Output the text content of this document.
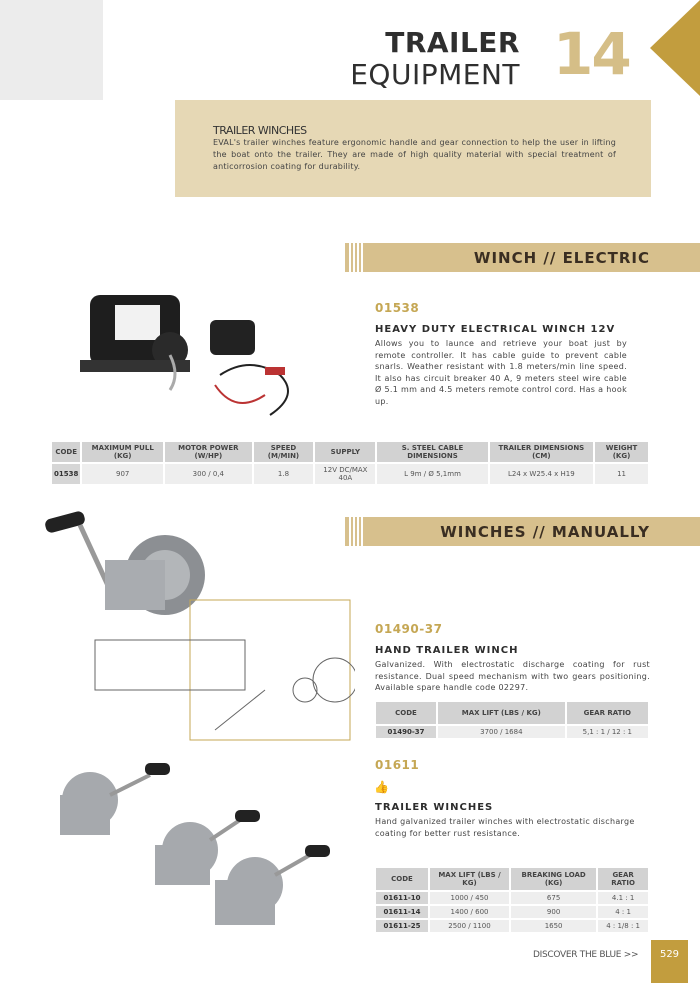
TRAILER
EQUIPMENT 14
TRAILER WINCHES

EVAL's trailer winches feature ergonomic handle and gear connection to help the user in lifting the boat onto the trailer. They are made of high quality material with special treatment of anticorrosion coating for durability.

WINCH // ELECTRIC
01538
HEAVY DUTY ELECTRICAL WINCH 12V
Allows you to launce and retrieve your boat just by remote controller. It has cable guide to prevent cable snarls. Weather resistant with 1.8 meters/min line speed. It also has circuit breaker 40 A, 9 meters steel wire cable Ø 5.1 mm and 4.5 meters remote control cord. Has a hook up.
CODE	MAXIMUM PULL (KG)	MOTOR POWER (W/HP)	SPEED (M/MIN)	SUPPLY	S. STEEL CABLE DIMENSIONS	TRAILER DIMENSIONS (CM)	WEIGHT (KG)
01538	907	300 / 0,4	1.8	12V DC/MAX 40A	L 9m / Ø 5,1mm	L24 x W25.4 x H19	11
WINCHES // MANUALLY
01490-37
HAND TRAILER WINCH
Galvanized. With electrostatic discharge coating for rust resistance. Dual speed mechanism with two gears positioning. Available spare handle code 02297.
CODE	MAX LIFT (LBS / KG)	GEAR RATIO
01490-37	3700 / 1684	5,1 : 1 / 12 : 1
01611
👍
TRAILER WINCHES
Hand galvanized trailer winches with electrostatic discharge coating for better rust resistance.
CODE	MAX LIFT (LBS / KG)	BREAKING LOAD (KG)	GEAR RATIO
01611-10	1000 / 450	675	4.1 : 1
01611-14	1400 / 600	900	4 : 1
01611-25	2500 / 1100	1650	4 : 1/8 : 1
DISCOVER THE BLUE >>	529
